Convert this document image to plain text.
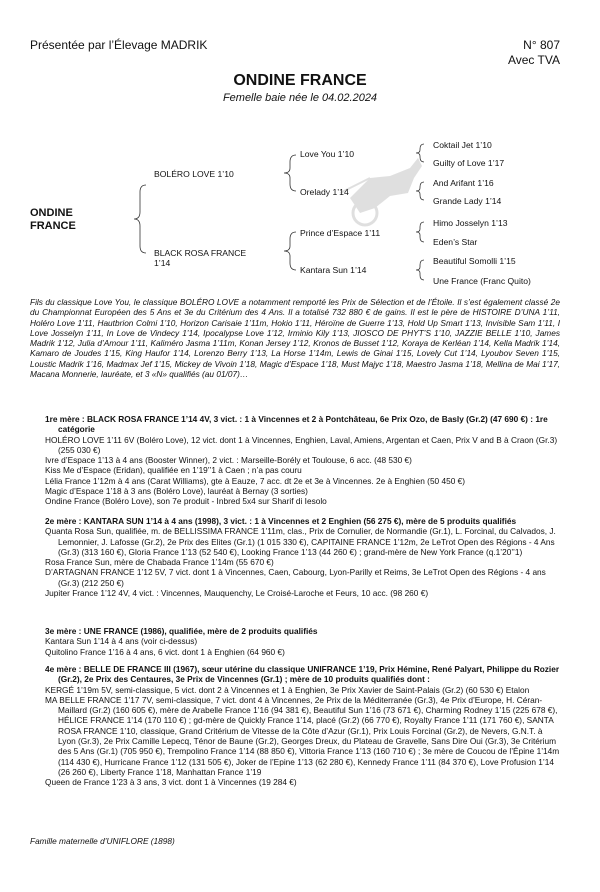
Présentée par l’Élevage MADRIK	N° 807
Avec TVA
ONDINE FRANCE
Femelle baie née le 04.02.2024
ONDINE
FRANCE
BOLÉRO LOVE 1’10
BLACK ROSA FRANCE
1’14
Love You 1’10
Orelady 1’14
Prince d’Espace 1’11
Kantara Sun 1’14
Coktail Jet 1’10
Guilty of Love 1’17
And Arifant 1’16
Grande Lady 1’14
Himo Josselyn 1’13
Eden’s Star
Beautiful Somolli 1’15
Une France (Franc Quito)
Fils du classique Love You, le classique BOLÉRO LOVE a notamment remporté les Prix de Sélection et de l’Étoile. Il s’est également classé 2e du Championnat Européen des 5 Ans et 3e du Critérium des 4 Ans. Il a totalisé 732 880 € de gains. Il est le père de HISTOIRE D’UNA 1’11, Holéro Love 1’11, Hautbrion Colmi 1’10, Horizon Carisaie 1’11m, Hokio 1’11, Héroïne de Guerre 1’13, Hold Up Smart 1’13, Invisible Sam 1’11, I Love Josselyn 1’11, In Love de Vindecy 1’14, Ipocalypse Love 1’12, Irminio Kily 1’13, JIOSCO DE PHYT’S 1’10, JAZZIE BELLE 1’10, James Madrik 1’12, Julia d’Amour 1’11, Kaliméro Jasma 1’11m, Konan Jersey 1’12, Kronos de Busset 1’12, Koraya de Kerléan 1’14, Kella Madrik 1’14, Kamaro de Joudes 1’15, King Haufor 1’14, Lorenzo Berry 1’13, La Horse 1’14m, Lewis de Ginai 1’15, Lovely Cut 1’14, Lyoubov Seven 1’15, Loustic Madrik 1’16, Madmax Jef 1’15, Mickey de Vivoin 1’18, Magic d’Espace 1’18, Must Majyc 1’18, Maestro Jasma 1’18, Mellina de Mai 1’17, Macana Monnerie, lauréate, et 3 «N» qualifiés (au 01/07)…
1re mère : BLACK ROSA FRANCE 1’14 4V, 3 vict. : 1 à Vincennes et 2 à Pontchâteau, 6e Prix Ozo, de Basly (Gr.2) (47 690 €) : 1re catégorie
HOLÉRO LOVE 1’11 6V (Boléro Love), 12 vict. dont 1 à Vincennes, Enghien, Laval, Amiens, Argentan et Caen, Prix V and B à Craon (Gr.3) (255 030 €)
Ivre d’Espace 1’13 à 4 ans (Booster Winner), 2 vict. : Marseille-Borély et Toulouse, 6 acc. (48 530 €)
Kiss Me d’Espace (Eridan), qualifiée en 1’19’’1 à Caen ; n’a pas couru
Lélia France 1’12m à 4 ans (Carat Williams), gte à Eauze, 7 acc. dt 2e et 3e à Vincennes. 2e à Enghien (50 450 €)
Magic d’Espace 1’18 à 3 ans (Boléro Love), lauréat à Bernay (3 sorties)
Ondine France (Boléro Love), son 7e produit - Inbred 5x4 sur Sharif di Iesolo
2e mère : KANTARA SUN 1’14 à 4 ans (1998), 3 vict. : 1 à Vincennes et 2 Enghien (56 275 €), mère de 5 produits qualifiés
Quanta Rosa Sun, qualifiée, m. de BELLISSIMA FRANCE 1’11m, clas., Prix de Cornulier, de Normandie (Gr.1), L. Forcinal, du Calvados, J. Lemonnier, J. Lafosse (Gr.2), 2e Prix des Elites (Gr.1) (1 015 330 €), CAPITAINE FRANCE 1’12m, 2e LeTrot Open des Régions - 4 Ans (Gr.3) (313 160 €), Gloria France 1’13 (52 540 €), Looking France 1’13 (44 260 €) ; grand-mère de New York France (q.1’20’’1)
Rosa France Sun, mère de Chabada France 1’14m (55 670 €)
D’ARTAGNAN FRANCE 1’12 5V, 7 vict. dont 1 à Vincennes, Caen, Cabourg, Lyon-Parilly et Reims, 3e LeTrot Open des Régions - 4 ans (Gr.3) (212 250 €)
Jupiter France 1’12 4V, 4 vict. : Vincennes, Mauquenchy, Le Croisé-Laroche et Feurs, 10 acc. (98 260 €)
3e mère : UNE FRANCE (1986), qualifiée, mère de 2 produits qualifiés
Kantara Sun 1’14 à 4 ans (voir ci-dessus)
Quitolino France 1’16 à 4 ans, 6 vict. dont 1 à Enghien (64 960 €)
4e mère : BELLE DE FRANCE III (1967), sœur utérine du classique UNIFRANCE 1’19, Prix Hémine, René Palyart, Philippe du Rozier (Gr.2), 2e Prix des Centaures, 3e Prix de Vincennes (Gr.1) ; mère de 10 produits qualifiés dont :
KERGÉ 1’19m 5V, semi-classique, 5 vict. dont 2 à Vincennes et 1 à Enghien, 3e Prix Xavier de Saint-Palais (Gr.2) (60 530 €) Etalon
MA BELLE FRANCE 1’17 7V, semi-classique, 7 vict. dont 4 à Vincennes, 2e Prix de la Méditerranée (Gr.3), 4e Prix d’Europe, H. Céran-Maillard (Gr.2) (160 605 €), mère de Arabelle France 1’16 (94 381 €), Beautiful Sun 1’16 (73 671 €), Charming Rodney 1’15 (225 678 €), HÉLICE FRANCE 1’14 (170 110 €) ; gd-mère de Quickly France 1’14, placé (Gr.2) (66 770 €), Royalty France 1’11 (171 760 €), SANTA ROSA FRANCE 1’10, classique, Grand Critérium de Vitesse de la Côte d’Azur (Gr.1), Prix Louis Forcinal (Gr.2), de Nevers, G.N.T. à Lyon (Gr.3), 2e Prix Camille Lepecq, Ténor de Baune (Gr.2), Georges Dreux, du Plateau de Gravelle, Sans Dire Oui (Gr.3), 3e Critérium des 5 Ans (Gr.1) (705 950 €), Trempolino France 1’14 (88 850 €), Vittoria France 1’13 (160 710 €) ; 3e mère de Coucou de l’Épine 1’14m (114 430 €), Hurricane France 1’12 (131 505 €), Joker de l’Epine 1’13 (62 280 €), Kennedy France 1’11 (84 370 €), Love Profusion 1’14 (26 260 €), Liberty France 1’18, Manhattan France 1’19
Queen de France 1’23 à 3 ans, 3 vict. dont 1 à Vincennes (19 284 €)
Famille maternelle d’UNIFLORE (1898)
